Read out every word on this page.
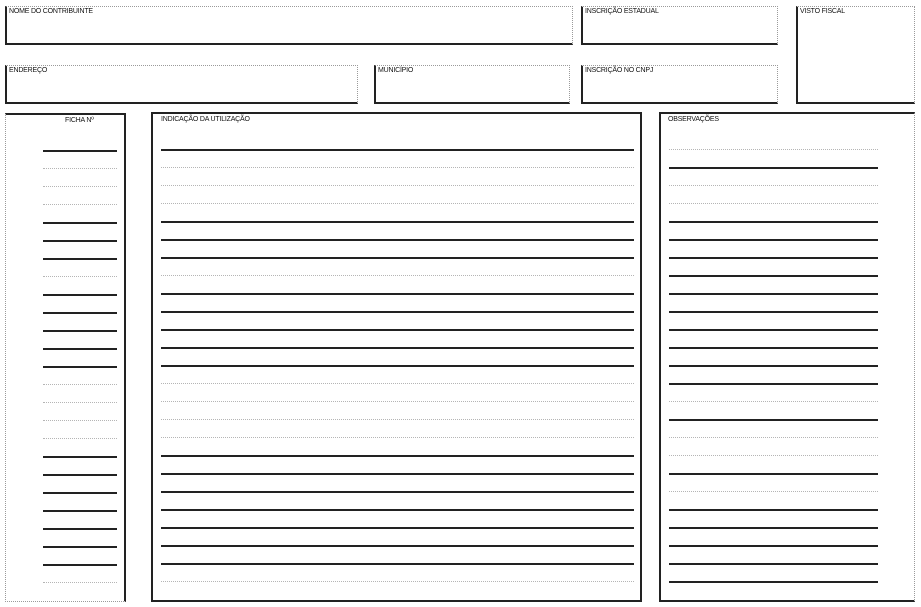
NOME DO CONTRIBUINTE	INSCRIÇÃO ESTADUAL	VISTO FISCAL
ENDEREÇO	MUNICÍPIO	INSCRIÇÃO NO CNPJ
FICHA Nº	INDICAÇÃO DA UTILIZAÇÃO	OBSERVAÇÕES
